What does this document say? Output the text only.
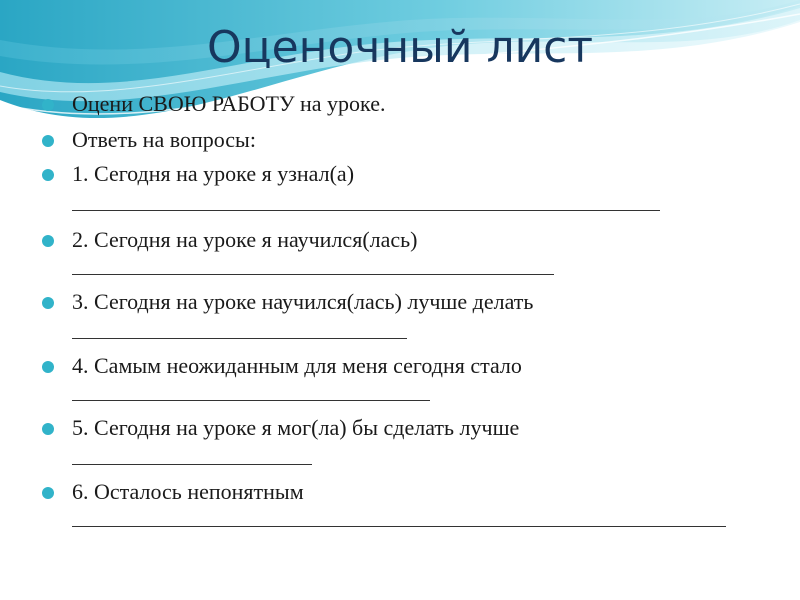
Оценочный лист
Оцени СВОЮ РАБОТУ на уроке.
Ответь на вопросы:
1. Сегодня на уроке я узнал(а)
2. Сегодня на уроке я научился(лась)
3. Сегодня на уроке научился(лась) лучше делать
4. Самым неожиданным для меня сегодня стало
5. Сегодня на уроке я мог(ла) бы сделать лучше
6. Осталось непонятным
